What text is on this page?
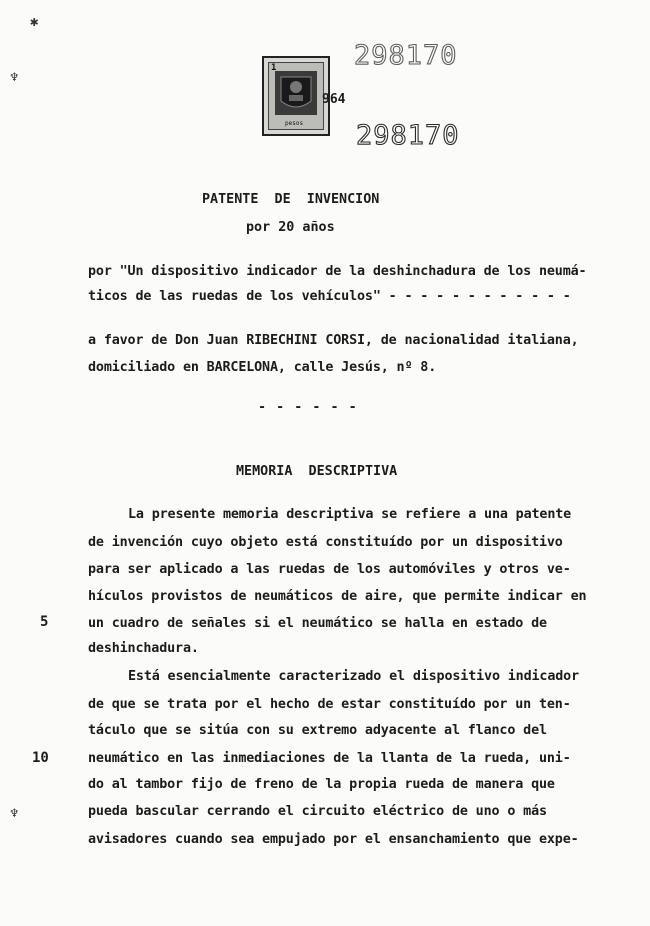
✱
♆
♆
1
pesos
964
298170
298170
PATENTE  DE  INVENCION
por 20 años
por "Un dispositivo indicador de la deshinchadura de los neumá-
ticos de las ruedas de los vehículos" - - - - - - - - - - - -
a favor de Don Juan RIBECHINI CORSI, de nacionalidad italiana,
domiciliado en BARCELONA, calle Jesús, nº 8.
- - - - - -
MEMORIA  DESCRIPTIVA
La presente memoria descriptiva se refiere a una patente
de invención cuyo objeto está constituído por un dispositivo
para ser aplicado a las ruedas de los automóviles y otros ve-
hículos provistos de neumáticos de aire, que permite indicar en
un cuadro de señales si el neumático se halla en estado de
deshinchadura.
Está esencialmente caracterizado el dispositivo indicador
de que se trata por el hecho de estar constituído por un ten-
táculo que se sitúa con su extremo adyacente al flanco del
neumático en las inmediaciones de la llanta de la rueda, uni-
do al tambor fijo de freno de la propia rueda de manera que
pueda bascular cerrando el circuito eléctrico de uno o más
avisadores cuando sea empujado por el ensanchamiento que expe-
5
10
